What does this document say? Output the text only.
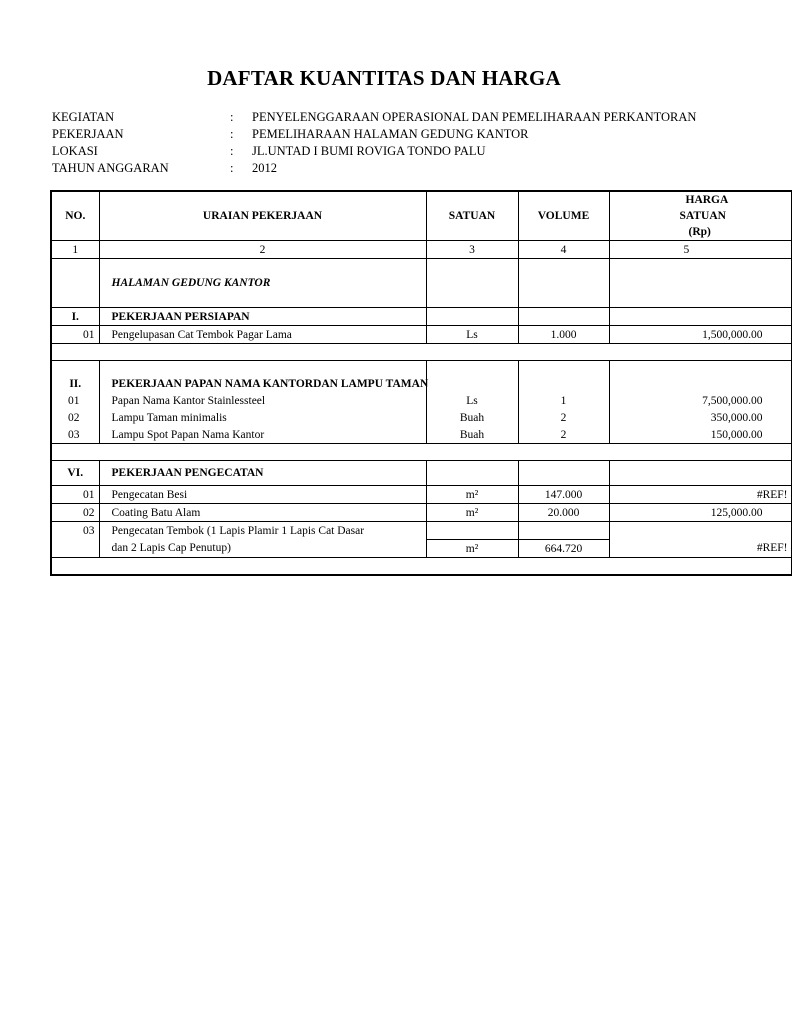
DAFTAR KUANTITAS DAN HARGA
KEGIATAN	:	PENYELENGGARAAN OPERASIONAL DAN PEMELIHARAAN PERKANTORAN
PEKERJAAN	:	PEMELIHARAAN HALAMAN GEDUNG KANTOR
LOKASI	:	JL.UNTAD I BUMI ROVIGA TONDO PALU
TAHUN ANGGARAN	:	2012
NO.	URAIAN PEKERJAAN	SATUAN	VOLUME	HARGA
SATUAN
(Rp)

1	2	3	4	5
	HALAMAN GEDUNG KANTOR			
I.	PEKERJAAN PERSIAPAN			
01	Pengelupasan Cat Tembok Pagar Lama	Ls	1.000	1,500,000.00

II.	PEKERJAAN PAPAN NAMA KANTORDAN LAMPU TAMAN			
01	Papan Nama Kantor Stainlessteel	Ls	1	7,500,000.00
02	Lampu Taman minimalis	Buah	2	350,000.00
03	Lampu Spot Papan Nama Kantor	Buah	2	150,000.00

VI.	PEKERJAAN PENGECATAN			
01	Pengecatan Besi	m²	147.000	#REF!
02	Coating Batu Alam	m²	20.000	125,000.00
03	Pengecatan Tembok (1 Lapis Plamir 1 Lapis Cat Dasar			
	dan 2 Lapis Cap Penutup)	m²	664.720	#REF!
